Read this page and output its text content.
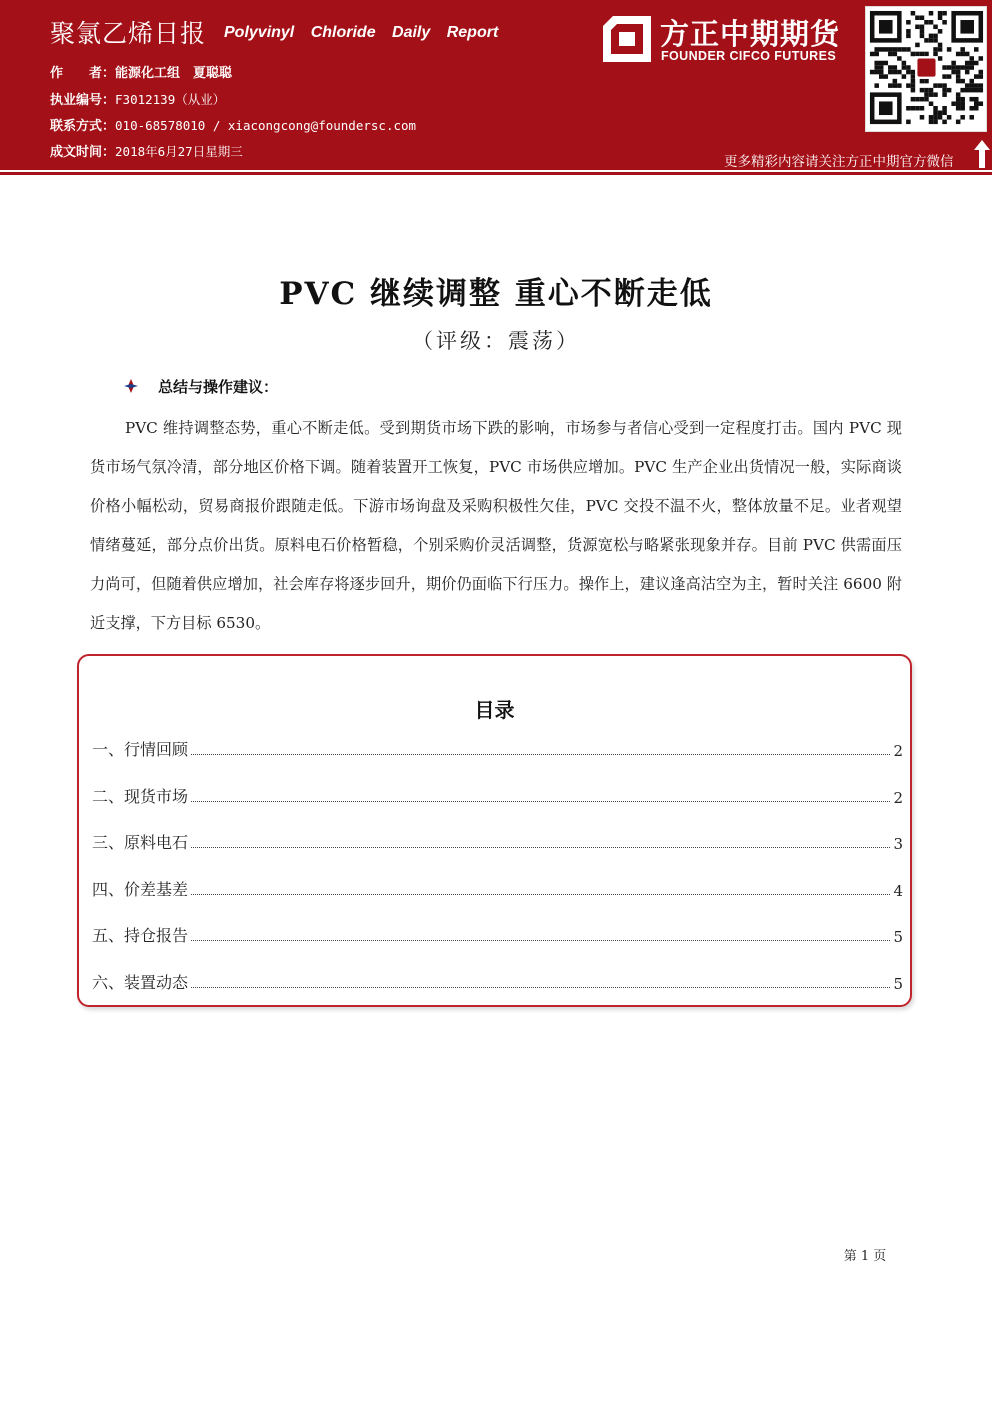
聚氯乙烯日报 Polyvinyl Chloride Daily Report
作　　者：能源化工组　夏聪聪
执业编号：F3012139（从业）
联系方式：010-68578010 / xiacongcong@foundersc.com
成文时间：2018年6月27日星期三
方正中期期货
FOUNDER CIFCO FUTURES
更多精彩内容请关注方正中期官方微信
PVC 继续调整 重心不断走低
（评级：震荡）
总结与操作建议：
PVC 维持调整态势，重心不断走低。受到期货市场下跌的影响，市场参与者信心受到一定程度打击。国内 PVC 现货市场气氛冷清，部分地区价格下调。随着装置开工恢复，PVC 市场供应增加。PVC 生产企业出货情况一般，实际商谈价格小幅松动，贸易商报价跟随走低。下游市场询盘及采购积极性欠佳，PVC 交投不温不火，整体放量不足。业者观望情绪蔓延，部分点价出货。原料电石价格暂稳，个别采购价灵活调整，货源宽松与略紧张现象并存。目前 PVC 供需面压力尚可，但随着供应增加，社会库存将逐步回升，期价仍面临下行压力。操作上，建议逢高沽空为主，暂时关注 6600 附近支撑，下方目标 6530。
目录
一、行情回顾	2
二、现货市场	2
三、原料电石	3
四、价差基差	4
五、持仓报告	5
六、装置动态	5
第 1 页
